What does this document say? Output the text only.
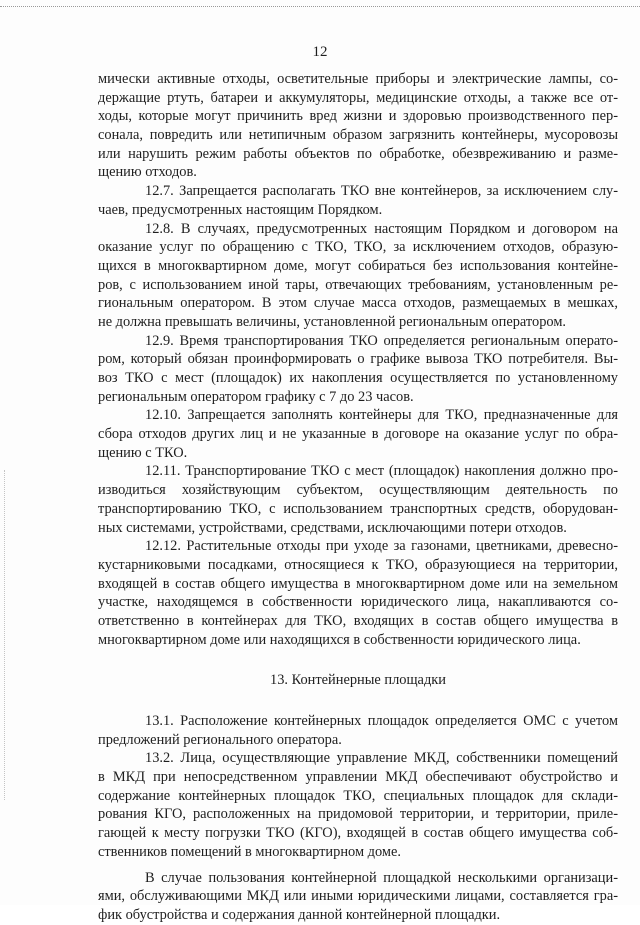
12
мически активные отходы, осветительные приборы и электрические лампы, со-
держащие ртуть, батареи и аккумуляторы, медицинские отходы, а также все от-
ходы, которые могут причинить вред жизни и здоровью производственного пер-
сонала, повредить или нетипичным образом загрязнить контейнеры, мусоровозы
или нарушить режим работы объектов по обработке, обезвреживанию и разме-
щению отходов.
12.7. Запрещается располагать ТКО вне контейнеров, за исключением слу-
чаев, предусмотренных настоящим Порядком.
12.8. В случаях, предусмотренных настоящим Порядком и договором на
оказание услуг по обращению с ТКО, ТКО, за исключением отходов, образую-
щихся в многоквартирном доме, могут собираться без использования контейне-
ров, с использованием иной тары, отвечающих требованиям, установленным ре-
гиональным оператором. В этом случае масса отходов, размещаемых в мешках,
не должна превышать величины, установленной региональным оператором.
12.9. Время транспортирования ТКО определяется региональным операто-
ром, который обязан проинформировать о графике вывоза ТКО потребителя. Вы-
воз ТКО с мест (площадок) их накопления осуществляется по установленному
региональным оператором графику с 7 до 23 часов.
12.10. Запрещается заполнять контейнеры для ТКО, предназначенные для
сбора отходов других лиц и не указанные в договоре на оказание услуг по обра-
щению с ТКО.
12.11. Транспортирование ТКО с мест (площадок) накопления должно про-
изводиться хозяйствующим субъектом, осуществляющим деятельность по
транспортированию ТКО, с использованием транспортных средств, оборудован-
ных системами, устройствами, средствами, исключающими потери отходов.
12.12. Растительные отходы при уходе за газонами, цветниками, древесно-
кустарниковыми посадками, относящиеся к ТКО, образующиеся на территории,
входящей в состав общего имущества в многоквартирном доме или на земельном
участке, находящемся в собственности юридического лица, накапливаются со-
ответственно в контейнерах для ТКО, входящих в состав общего имущества в
многоквартирном доме или находящихся в собственности юридического лица.
13. Контейнерные площадки
13.1. Расположение контейнерных площадок определяется ОМС с учетом
предложений регионального оператора.
13.2. Лица, осуществляющие управление МКД, собственники помещений
в МКД при непосредственном управлении МКД обеспечивают обустройство и
содержание контейнерных площадок ТКО, специальных площадок для склади-
рования КГО, расположенных на придомовой территории, и территории, приле-
гающей к месту погрузки ТКО (КГО), входящей в состав общего имущества соб-
ственников помещений в многоквартирном доме.
В случае пользования контейнерной площадкой несколькими организаци-
ями, обслуживающими МКД или иными юридическими лицами, составляется гра-
фик обустройства и содержания данной контейнерной площадки.
